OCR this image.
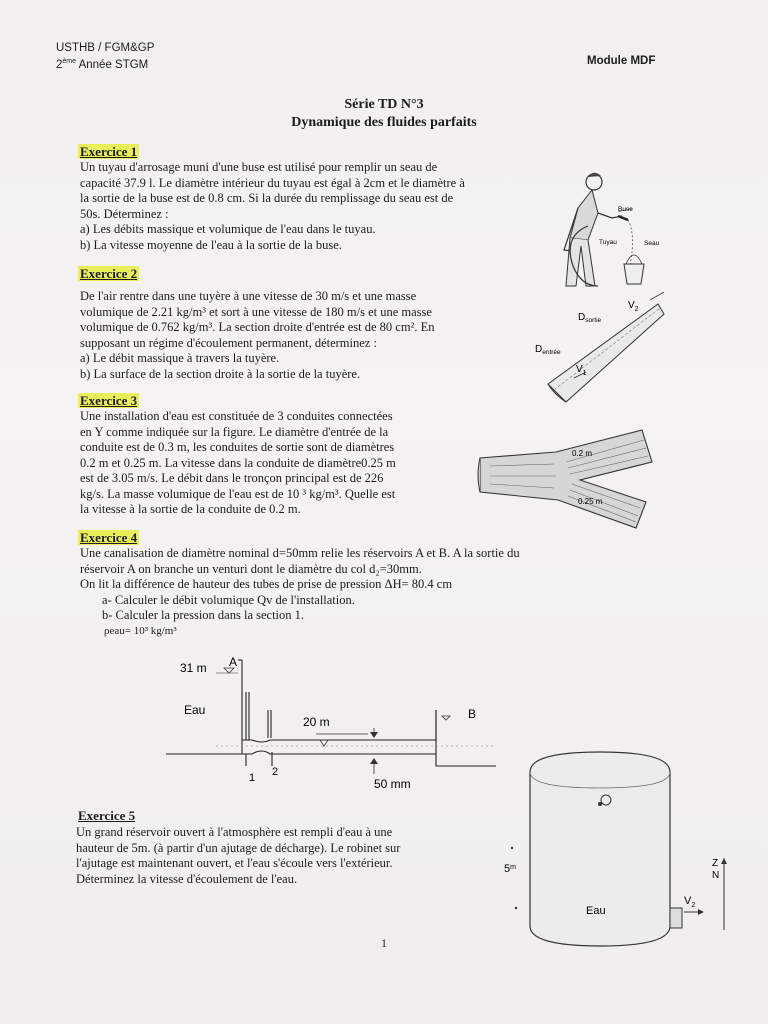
USTHB / FGM&GP
2ème Année STGM	Module MDF
Série TD N°3
Dynamique des fluides parfaits
Exercice 1
Un tuyau d'arrosage muni d'une buse est utilisé pour remplir un seau de
capacité 37.9 l. Le diamètre intérieur du tuyau est égal à 2cm et le diamètre à
la sortie de la buse est de 0.8 cm. Si la durée du remplissage du seau est de
50s. Déterminez :
a) Les débits massique et volumique de l'eau dans le tuyau.
b) La vitesse moyenne de l'eau à la sortie de la buse.
Buse
Tuyau	Seau
Exercice 2
De l'air rentre dans une tuyère à une vitesse de 30 m/s et une masse
volumique de 2.21 kg/m³ et sort à une vitesse de 180 m/s et une masse
volumique de 0.762 kg/m³. La section droite d'entrée est de 80 cm². En
supposant un régime d'écoulement permanent, déterminez :
a) Le débit massique à travers la tuyère.
b) La surface de la section droite à la sortie de la tuyère.
$V_2$
$D_{sortie}$
$D_{entrée}$
$V_1$
Exercice 3
Une installation d'eau est constituée de 3 conduites connectées
en Y comme indiquée sur la figure. Le diamètre d'entrée de la
conduite est de 0.3 m, les conduites de sortie sont de diamètres
0.2 m et 0.25 m. La vitesse dans la conduite de diamètre0.25 m
est de 3.05 m/s. Le débit dans le tronçon principal est de 226
kg/s. La masse volumique de l'eau est de 10 ³ kg/m³. Quelle est
la vitesse à la sortie de la conduite de 0.2 m.
0.2 m
0.25 m
Exercice 4
Une canalisation de diamètre nominal d=50mm relie les réservoirs A et B. A la sortie du
réservoir A on branche un venturi dont le diamètre du col d₂=30mm.
On lit la différence de hauteur des tubes de prise de pression ΔH= 80.4 cm
a- Calculer le débit volumique Qv de l'installation.
b- Calculer la pression dans la section 1.
ρeau= 10³ kg/m³
31 m A
Eau
20 m
B
1 2
50 mm
Exercice 5
Un grand réservoir ouvert à l'atmosphère est rempli d'eau à une
hauteur de 5m. (à partir d'un ajutage de décharge). Le robinet sur
l'ajutage est maintenant ouvert, et l'eau s'écoule vers l'extérieur.
Déterminez la vitesse d'écoulement de l'eau.
5$^m$
Eau
$V_2$
Z
N
1
